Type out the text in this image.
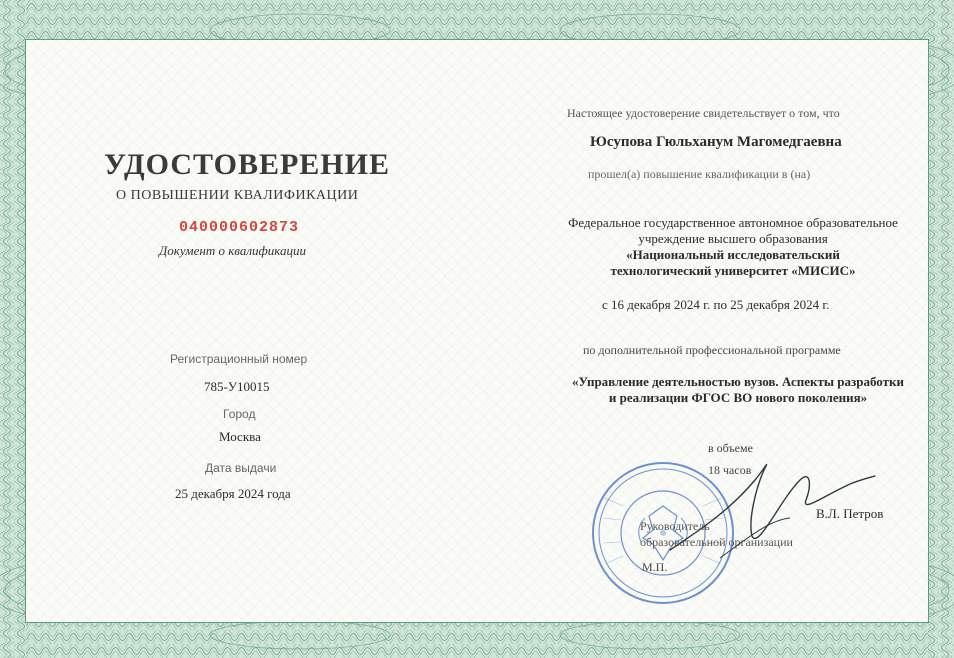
УДОСТОВЕРЕНИЕ
О ПОВЫШЕНИИ КВАЛИФИКАЦИИ
040000602873
Документ о квалификации
Регистрационный номер
785-У10015
Город
Москва
Дата выдачи
25 декабря 2024 года
Настоящее удостоверение свидетельствует о том, что
Юсупова Гюльханум Магомедгаевна
прошел(а) повышение квалификации в (на)
Федеральное государственное автономное образовательное
учреждение высшего образования
«Национальный исследовательский
технологический университет «МИСИС»
с 16 декабря 2024 г. по 25 декабря 2024 г.
по дополнительной профессиональной программе
«Управление деятельностью вузов. Аспекты разработки
и реализации ФГОС ВО нового поколения»
в объеме
18 часов
Руководитель
образовательной организации
В.Л. Петров
М.П.
